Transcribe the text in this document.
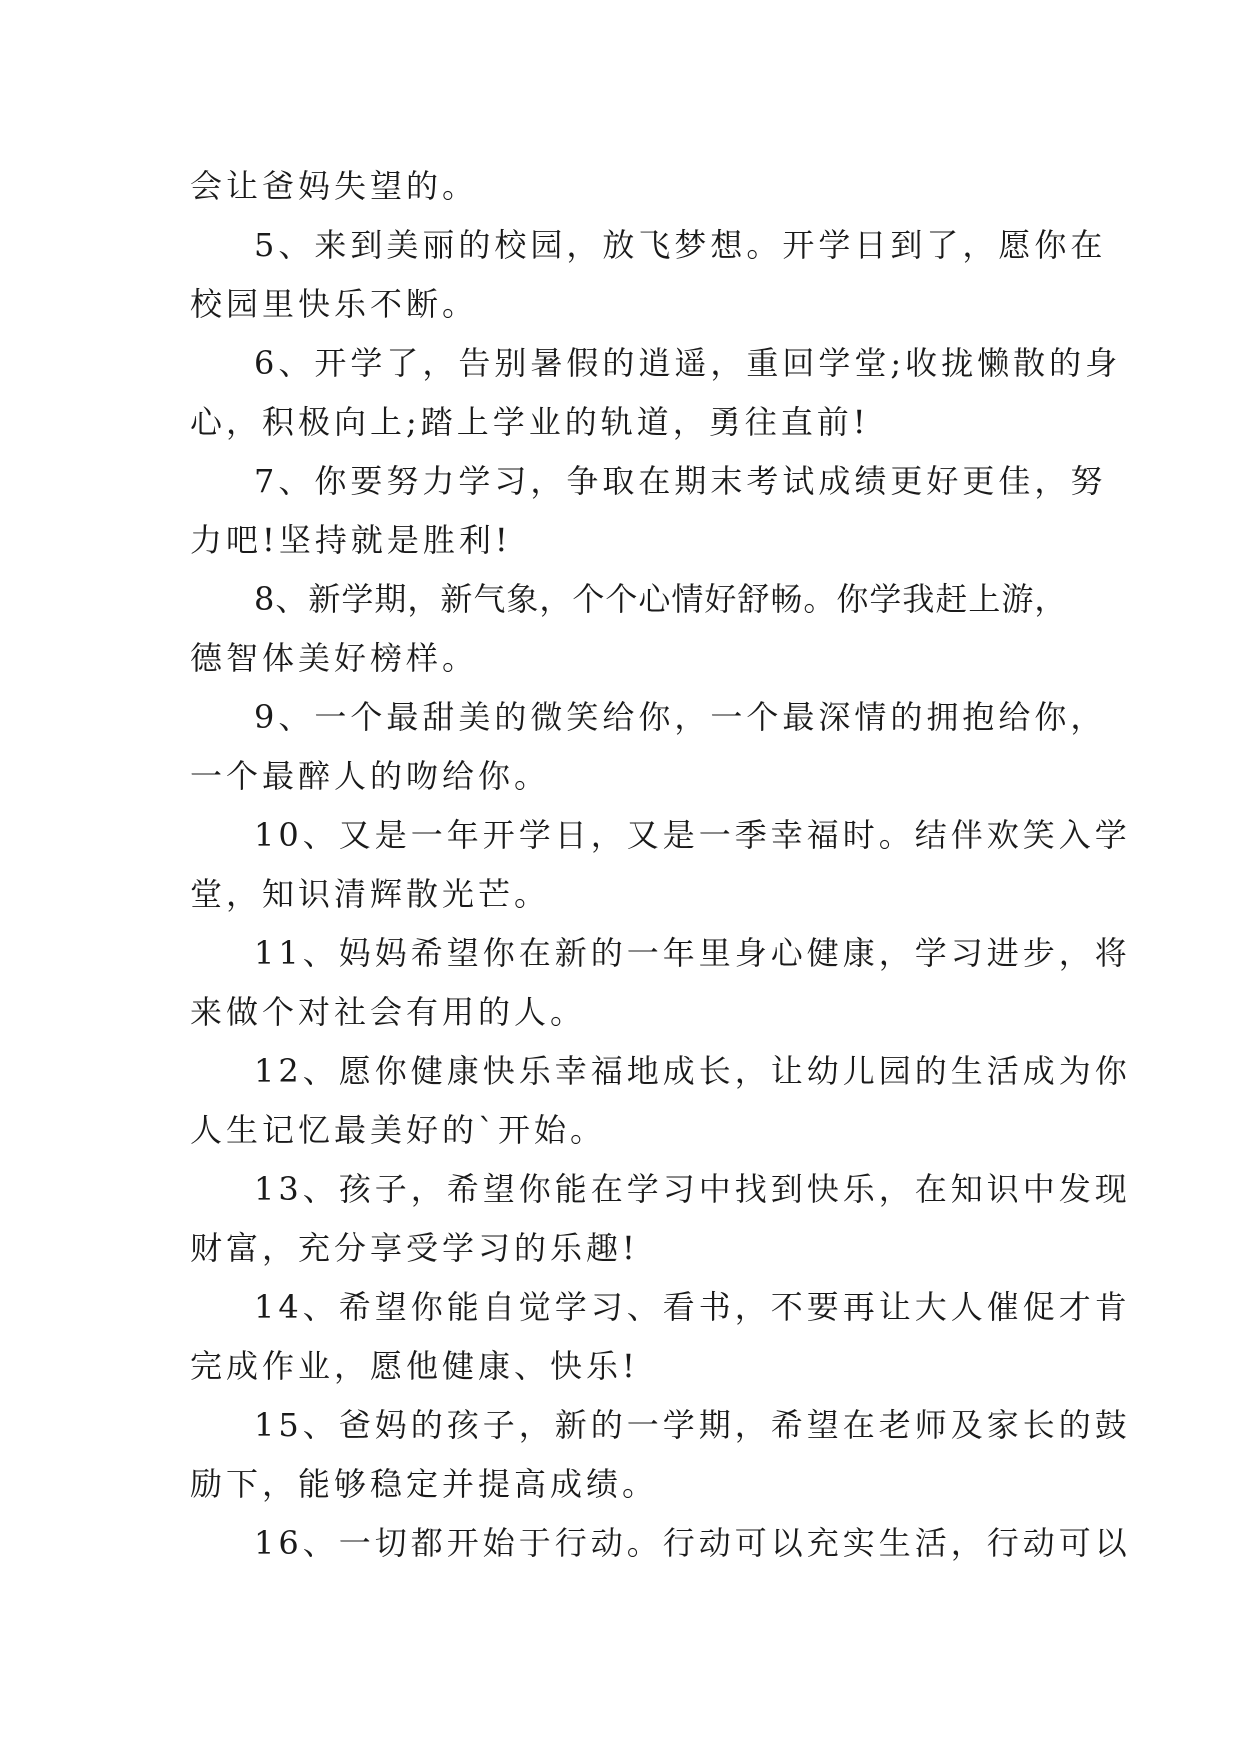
会让爸妈失望的。
5、来到美丽的校园，放飞梦想。开学日到了，愿你在
校园里快乐不断。
6、开学了，告别暑假的逍遥，重回学堂;收拢懒散的身
心，积极向上;踏上学业的轨道，勇往直前!
7、你要努力学习，争取在期末考试成绩更好更佳，努
力吧!坚持就是胜利!
8、新学期，新气象，个个心情好舒畅。你学我赶上游，
德智体美好榜样。
9、一个最甜美的微笑给你，一个最深情的拥抱给你，
一个最醉人的吻给你。
10、又是一年开学日，又是一季幸福时。结伴欢笑入学
堂，知识清辉散光芒。
11、妈妈希望你在新的一年里身心健康，学习进步，将
来做个对社会有用的人。
12、愿你健康快乐幸福地成长，让幼儿园的生活成为你
人生记忆最美好的`开始。
13、孩子，希望你能在学习中找到快乐，在知识中发现
财富，充分享受学习的乐趣!
14、希望你能自觉学习、看书，不要再让大人催促才肯
完成作业，愿他健康、快乐!
15、爸妈的孩子，新的一学期，希望在老师及家长的鼓
励下，能够稳定并提高成绩。
16、一切都开始于行动。行动可以充实生活，行动可以
